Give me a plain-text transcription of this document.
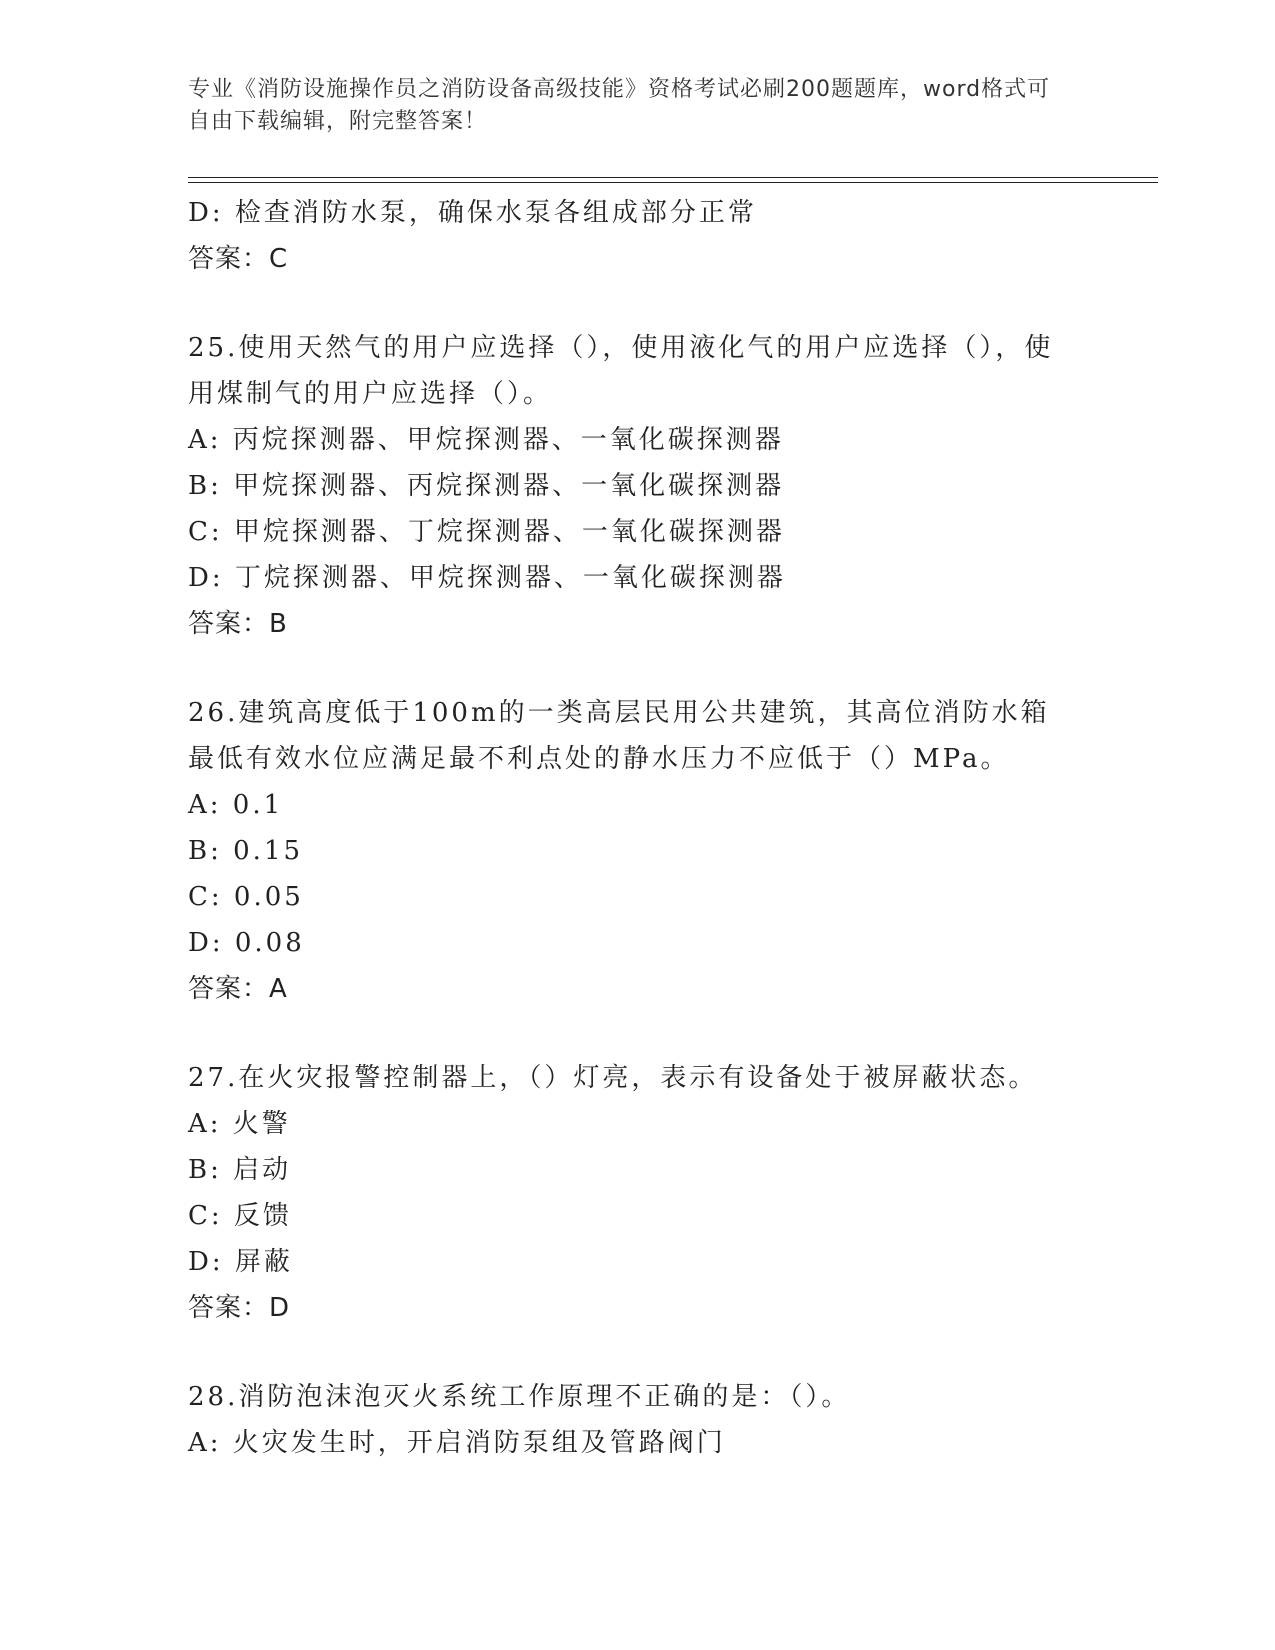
专业《消防设施操作员之消防设备高级技能》资格考试必刷200题题库，word格式可自由下载编辑，附完整答案！
D: 检查消防水泵，确保水泵各组成部分正常
答案：C
25.使用天然气的用户应选择（），使用液化气的用户应选择（），使用煤制气的用户应选择（）。
A: 丙烷探测器、甲烷探测器、一氧化碳探测器
B: 甲烷探测器、丙烷探测器、一氧化碳探测器
C: 甲烷探测器、丁烷探测器、一氧化碳探测器
D: 丁烷探测器、甲烷探测器、一氧化碳探测器
答案：B
26.建筑高度低于100m的一类高层民用公共建筑，其高位消防水箱最低有效水位应满足最不利点处的静水压力不应低于（）MPa。
A: 0.1
B: 0.15
C: 0.05
D: 0.08
答案：A
27.在火灾报警控制器上，（）灯亮，表示有设备处于被屏蔽状态。
A: 火警
B: 启动
C: 反馈
D: 屏蔽
答案：D
28.消防泡沫泡灭火系统工作原理不正确的是：（）。
A: 火灾发生时，开启消防泵组及管路阀门
